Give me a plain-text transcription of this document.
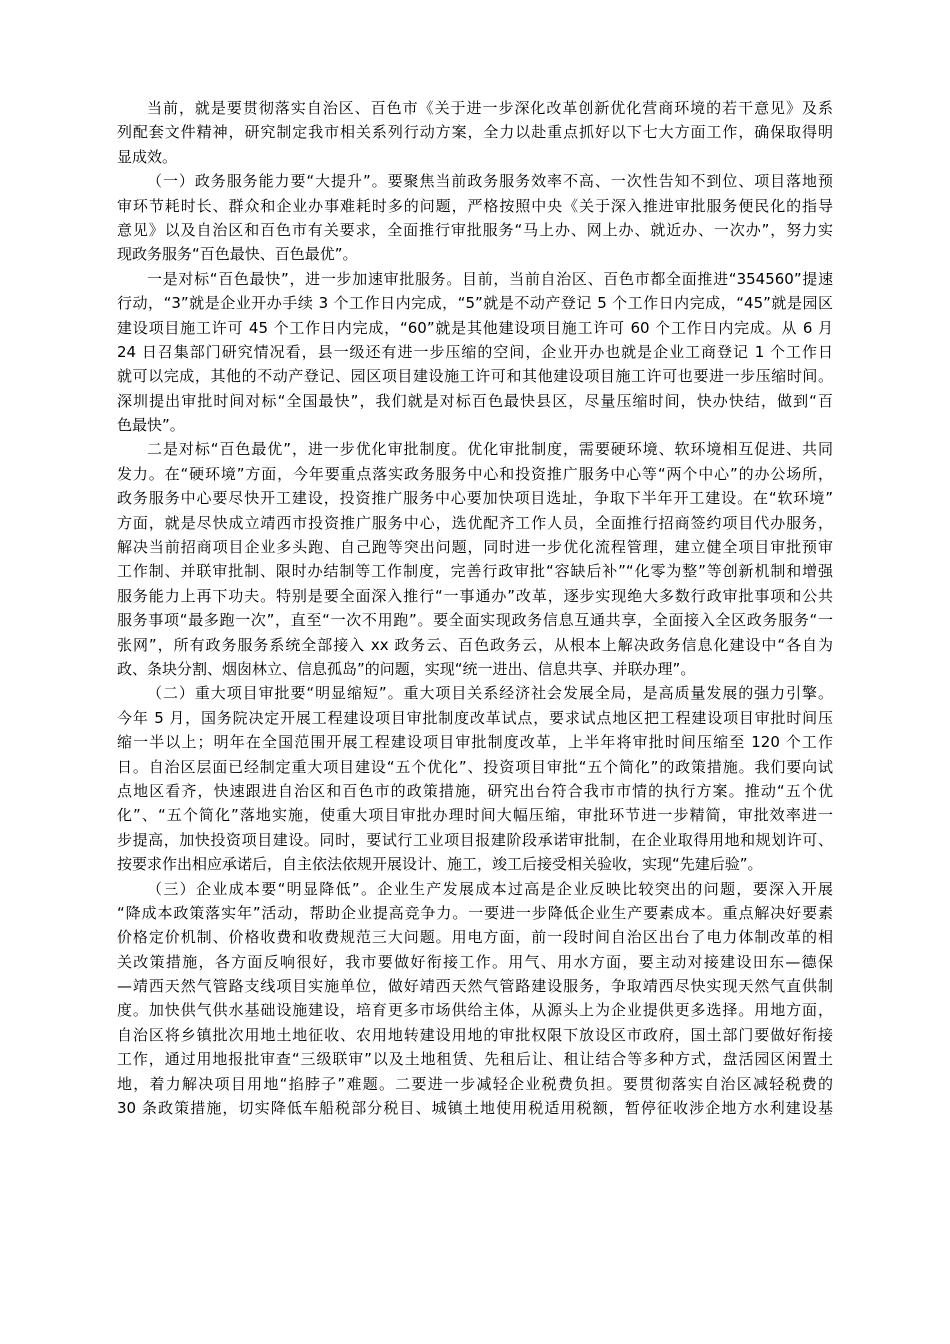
当前，就是要贯彻落实自治区、百色市《关于进一步深化改革创新优化营商环境的若干意见》及系
列配套文件精神，研究制定我市相关系列行动方案，全力以赴重点抓好以下七大方面工作，确保取得明
显成效。
（一）政务服务能力要“大提升”。要聚焦当前政务服务效率不高、一次性告知不到位、项目落地预
审环节耗时长、群众和企业办事难耗时多的问题，严格按照中央《关于深入推进审批服务便民化的指导
意见》以及自治区和百色市有关要求，全面推行审批服务“马上办、网上办、就近办、一次办”，努力实
现政务服务“百色最快、百色最优”。
一是对标“百色最快”，进一步加速审批服务。目前，当前自治区、百色市都全面推进“354560”提速
行动，“3”就是企业开办手续 3 个工作日内完成，“5”就是不动产登记 5 个工作日内完成，“45”就是园区
建设项目施工许可 45 个工作日内完成，“60”就是其他建设项目施工许可 60 个工作日内完成。从 6 月
24 日召集部门研究情况看，县一级还有进一步压缩的空间，企业开办也就是企业工商登记 1 个工作日
就可以完成，其他的不动产登记、园区项目建设施工许可和其他建设项目施工许可也要进一步压缩时间。
深圳提出审批时间对标“全国最快”，我们就是对标百色最快县区，尽量压缩时间，快办快结，做到“百
色最快”。
二是对标“百色最优”，进一步优化审批制度。优化审批制度，需要硬环境、软环境相互促进、共同
发力。在“硬环境”方面，今年要重点落实政务服务中心和投资推广服务中心等“两个中心”的办公场所，
政务服务中心要尽快开工建设，投资推广服务中心要加快项目选址，争取下半年开工建设。在“软环境”
方面，就是尽快成立靖西市投资推广服务中心，选优配齐工作人员，全面推行招商签约项目代办服务，
解决当前招商项目企业多头跑、自己跑等突出问题，同时进一步优化流程管理，建立健全项目审批预审
工作制、并联审批制、限时办结制等工作制度，完善行政审批“容缺后补”“化零为整”等创新机制和增强
服务能力上再下功夫。特别是要全面深入推行“一事通办”改革，逐步实现绝大多数行政审批事项和公共
服务事项“最多跑一次”，直至“一次不用跑”。要全面实现政务信息互通共享，全面接入全区政务服务“一
张网”，所有政务服务系统全部接入 xx 政务云、百色政务云，从根本上解决政务信息化建设中“各自为
政、条块分割、烟囱林立、信息孤岛”的问题，实现“统一进出、信息共享、并联办理”。
（二）重大项目审批要“明显缩短”。重大项目关系经济社会发展全局，是高质量发展的强力引擎。
今年 5 月，国务院决定开展工程建设项目审批制度改革试点，要求试点地区把工程建设项目审批时间压
缩一半以上；明年在全国范围开展工程建设项目审批制度改革，上半年将审批时间压缩至 120 个工作
日。自治区层面已经制定重大项目建设“五个优化”、投资项目审批“五个简化”的政策措施。我们要向试
点地区看齐，快速跟进自治区和百色市的政策措施，研究出台符合我市市情的执行方案。推动“五个优
化”、“五个简化”落地实施，使重大项目审批办理时间大幅压缩，审批环节进一步精简，审批效率进一
步提高，加快投资项目建设。同时，要试行工业项目报建阶段承诺审批制，在企业取得用地和规划许可、
按要求作出相应承诺后，自主依法依规开展设计、施工，竣工后接受相关验收，实现“先建后验”。
（三）企业成本要“明显降低”。企业生产发展成本过高是企业反映比较突出的问题，要深入开展
“降成本政策落实年”活动，帮助企业提高竞争力。一要进一步降低企业生产要素成本。重点解决好要素
价格定价机制、价格收费和收费规范三大问题。用电方面，前一段时间自治区出台了电力体制改革的相
关改策措施，各方面反响很好，我市要做好衔接工作。用气、用水方面，要主动对接建设田东—德保
—靖西天然气管路支线项目实施单位，做好靖西天然气管路建设服务，争取靖西尽快实现天然气直供制
度。加快供气供水基础设施建设，培育更多市场供给主体，从源头上为企业提供更多选择。用地方面，
自治区将乡镇批次用地土地征收、农用地转建设用地的审批权限下放设区市政府，国土部门要做好衔接
工作，通过用地报批审查“三级联审”以及土地租赁、先租后让、租让结合等多种方式，盘活园区闲置土
地，着力解决项目用地“掐脖子”难题。二要进一步减轻企业税费负担。要贯彻落实自治区减轻税费的
30 条政策措施，切实降低车船税部分税目、城镇土地使用税适用税额，暂停征收涉企地方水利建设基
